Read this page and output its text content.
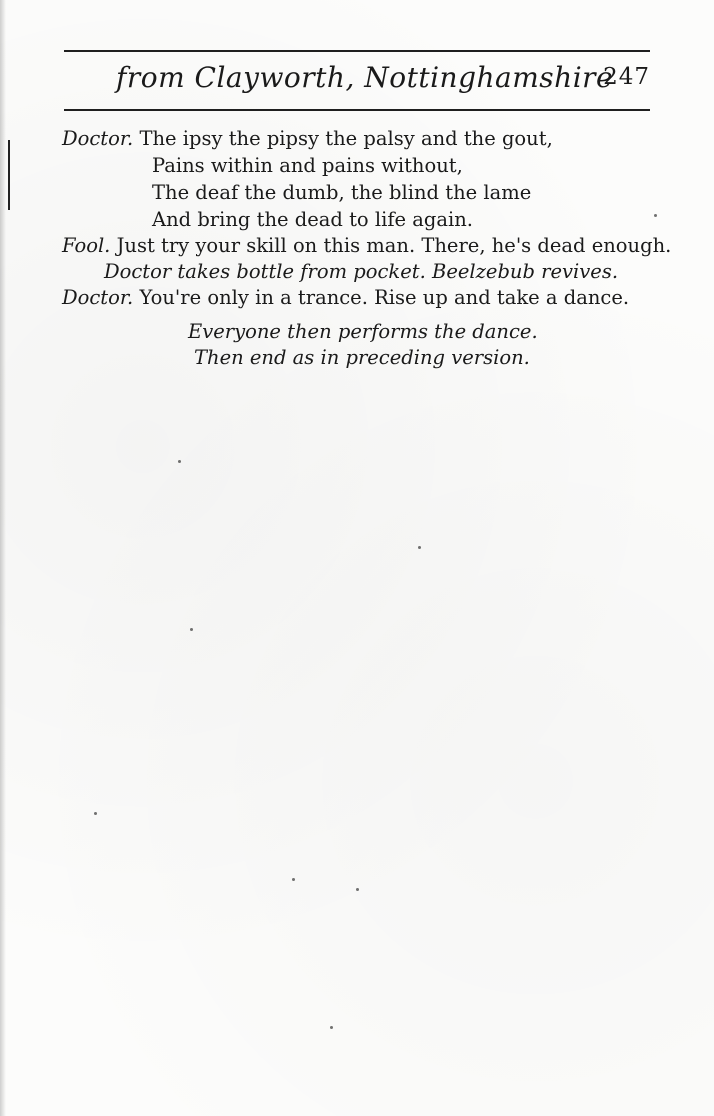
from Clayworth, Nottinghamshire
247
Doctor. The ipsy the pipsy the palsy and the gout,
Pains within and pains without,
The deaf the dumb, the blind the lame
And bring the dead to life again.
Fool. Just try your skill on this man. There, he's dead enough.
Doctor takes bottle from pocket. Beelzebub revives.
Doctor. You're only in a trance. Rise up and take a dance.
Everyone then performs the dance.
Then end as in preceding version.
